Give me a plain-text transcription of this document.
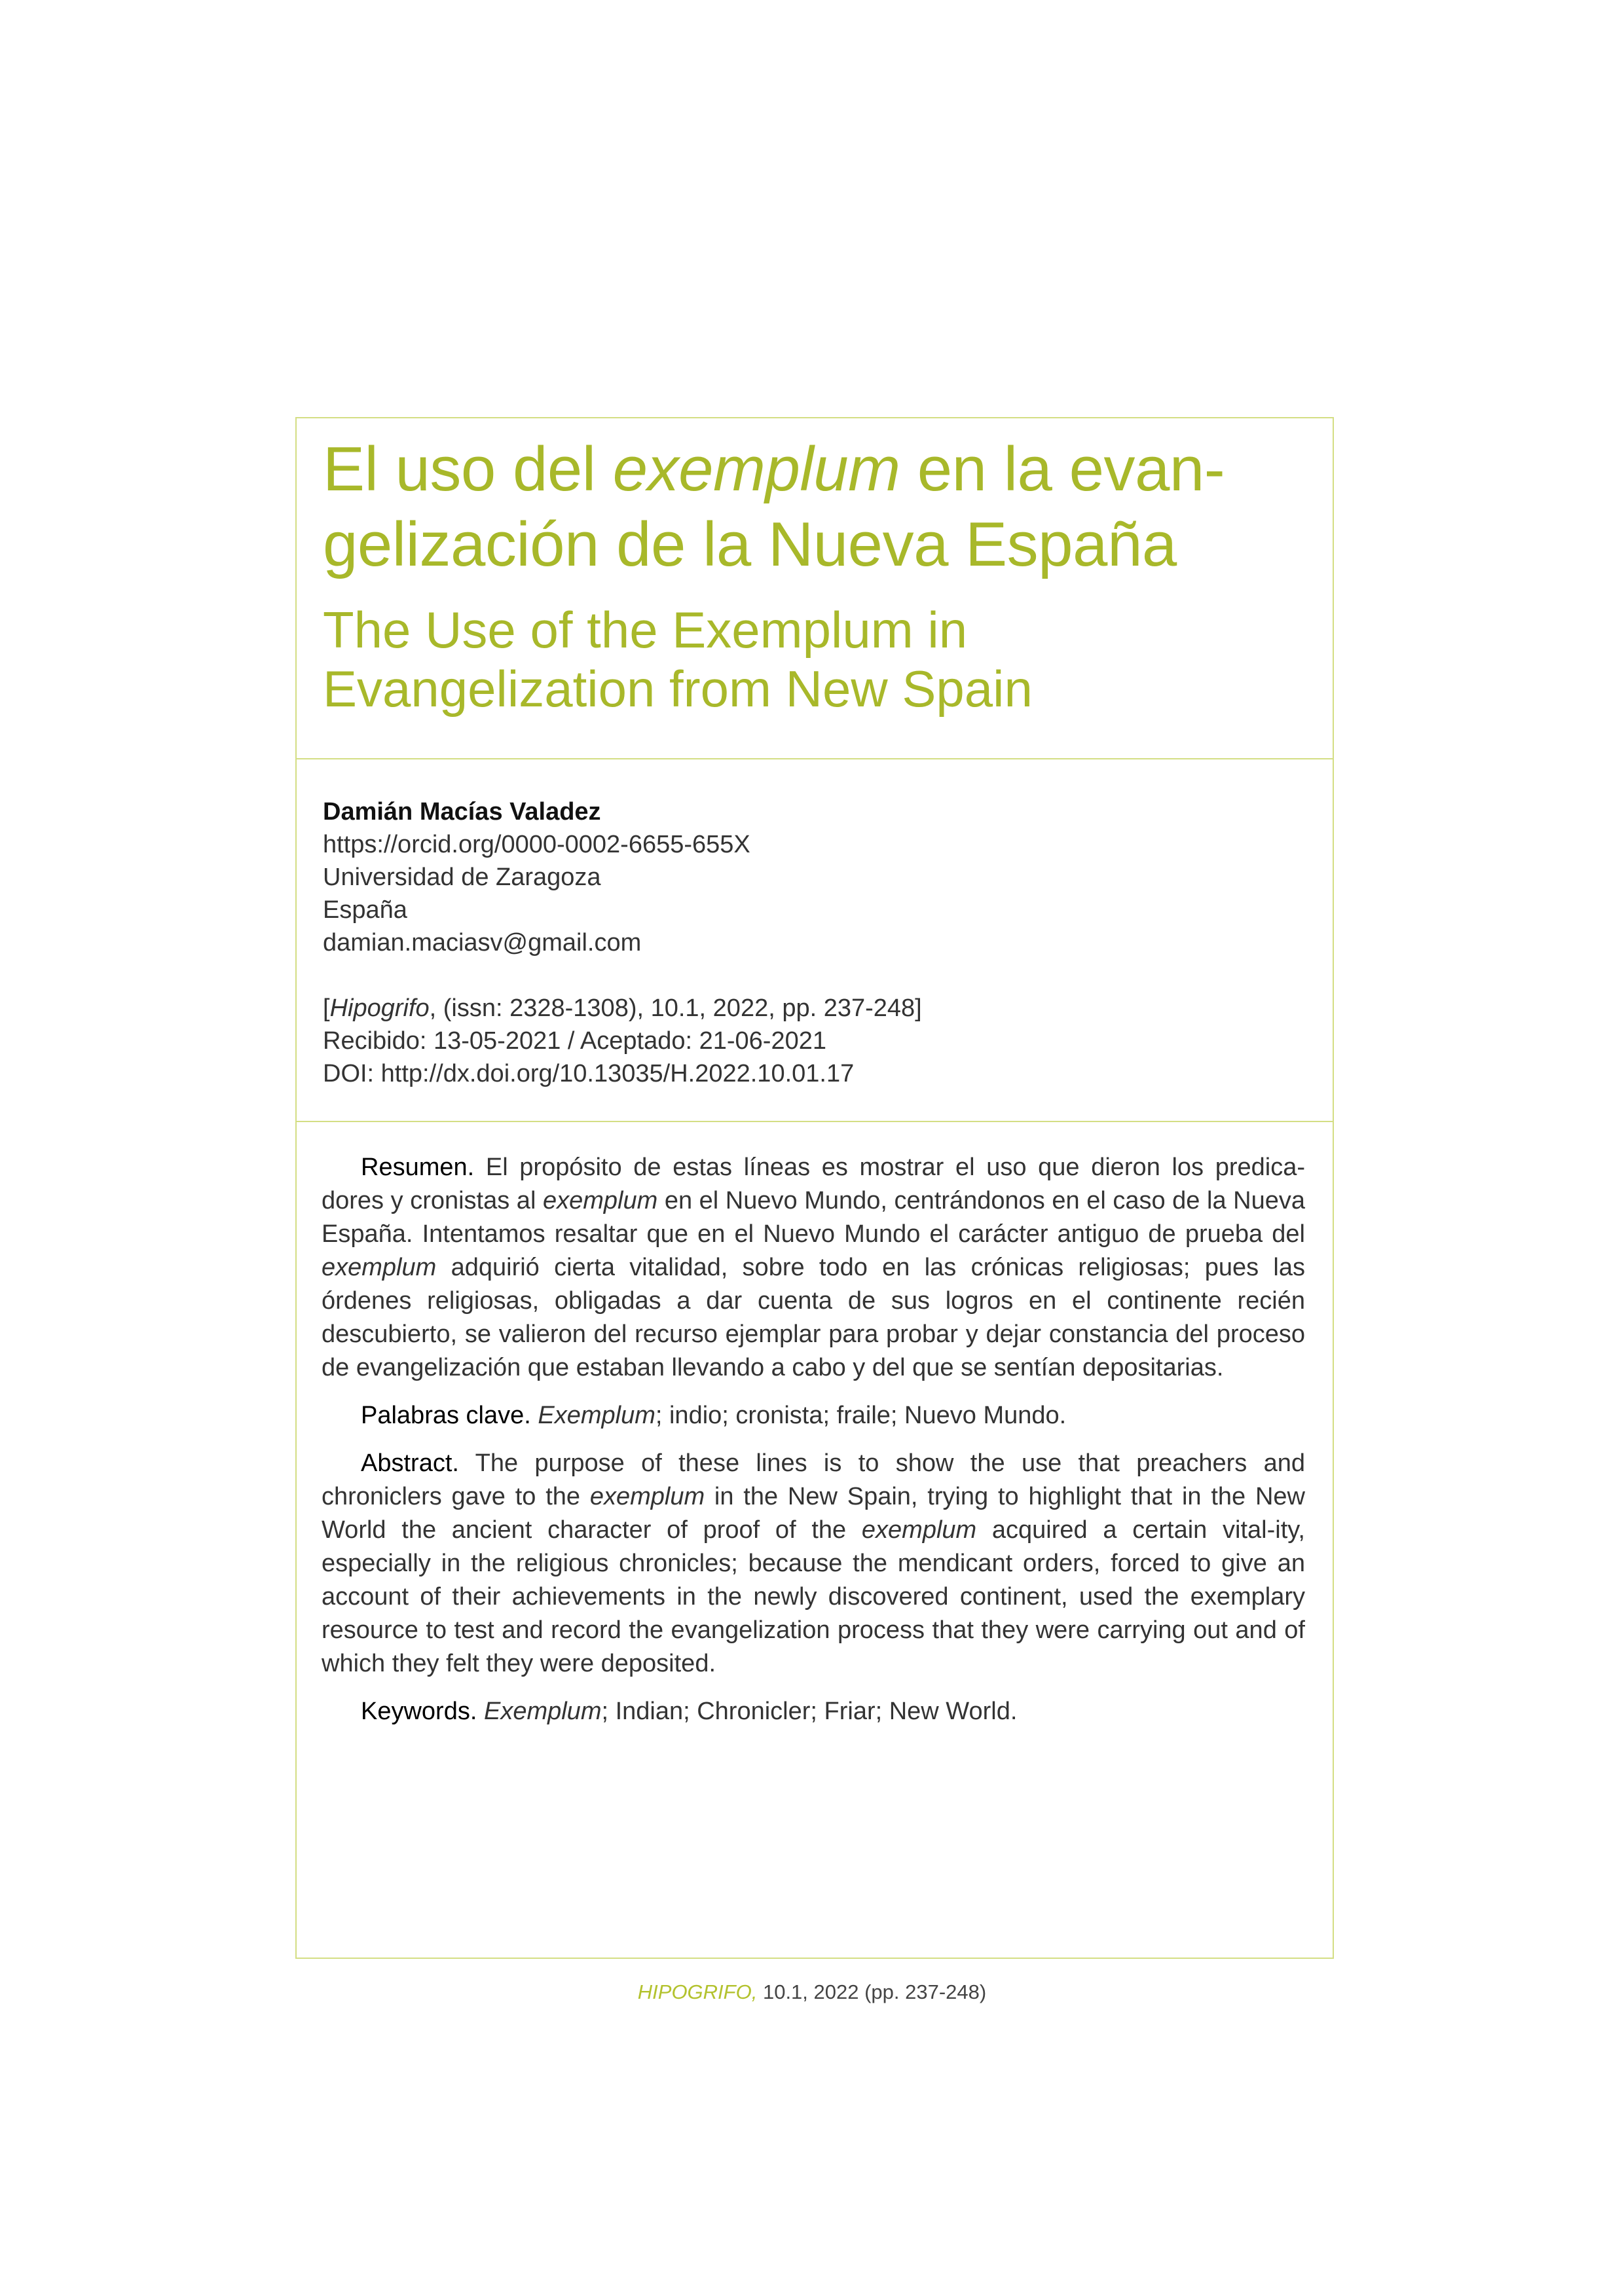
El uso del exemplum en la evan-
gelización de la Nueva España
The Use of the Exemplum in
Evangelization from New Spain
Damián Macías Valadez
https://orcid.org/0000-0002-6655-655X
Universidad de Zaragoza
España
damian.maciasv@gmail.com
[Hipogrifo, (issn: 2328-1308), 10.1, 2022, pp. 237-248]
Recibido: 13-05-2021 / Aceptado: 21-06-2021
DOI: http://dx.doi.org/10.13035/H.2022.10.01.17

Resumen. El propósito de estas líneas es mostrar el uso que dieron los predica-dores y cronistas al exemplum en el Nuevo Mundo, centrándonos en el caso de la Nueva España. Intentamos resaltar que en el Nuevo Mundo el carácter antiguo de prueba del exemplum adquirió cierta vitalidad, sobre todo en las crónicas religiosas; pues las órdenes religiosas, obligadas a dar cuenta de sus logros en el continente recién descubierto, se valieron del recurso ejemplar para probar y dejar constancia del proceso de evangelización que estaban llevando a cabo y del que se sentían depositarias.

Palabras clave. Exemplum; indio; cronista; fraile; Nuevo Mundo.

Abstract. The purpose of these lines is to show the use that preachers and chroniclers gave to the exemplum in the New Spain, trying to highlight that in the New World the ancient character of proof of the exemplum acquired a certain vital-ity, especially in the religious chronicles; because the mendicant orders, forced to give an account of their achievements in the newly discovered continent, used the exemplary resource to test and record the evangelization process that they were carrying out and of which they felt they were deposited.

Keywords. Exemplum; Indian; Chronicler; Friar; New World.

HIPOGRIFO, 10.1, 2022 (pp. 237-248)
